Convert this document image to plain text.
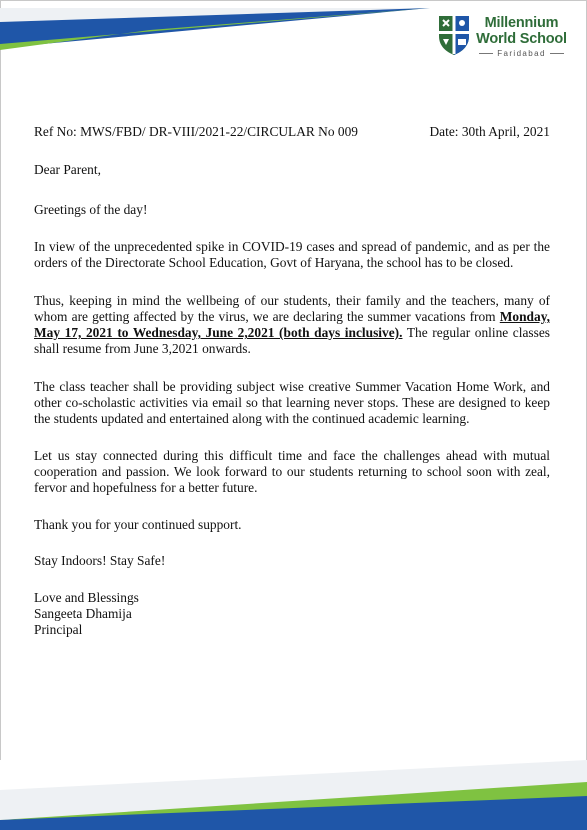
Millennium
World School
Faridabad
Ref No: MWS/FBD/ DR-VIII/2021-22/CIRCULAR No 009	Date: 30th April, 2021

Dear Parent,

Greetings of the day!

In view of the unprecedented spike in COVID-19 cases and spread of pandemic, and as per the orders of the Directorate School Education, Govt of Haryana, the school has to be closed.

Thus, keeping in mind the wellbeing of our students, their family and the teachers, many of whom are getting affected by the virus, we are declaring the summer vacations from Monday, May 17, 2021 to Wednesday, June 2,2021 (both days inclusive). The regular online classes shall resume from June 3,2021 onwards.

The class teacher shall be providing subject wise creative Summer Vacation Home Work, and other co-scholastic activities via email so that learning never stops. These are designed to keep the students updated and entertained along with the continued academic learning.

Let us stay connected during this difficult time and face the challenges ahead with mutual cooperation and passion. We look forward to our students returning to school soon with zeal, fervor and hopefulness for a better future.

Thank you for your continued support.

Stay Indoors! Stay Safe!

Love and Blessings
Sangeeta Dhamija
Principal
